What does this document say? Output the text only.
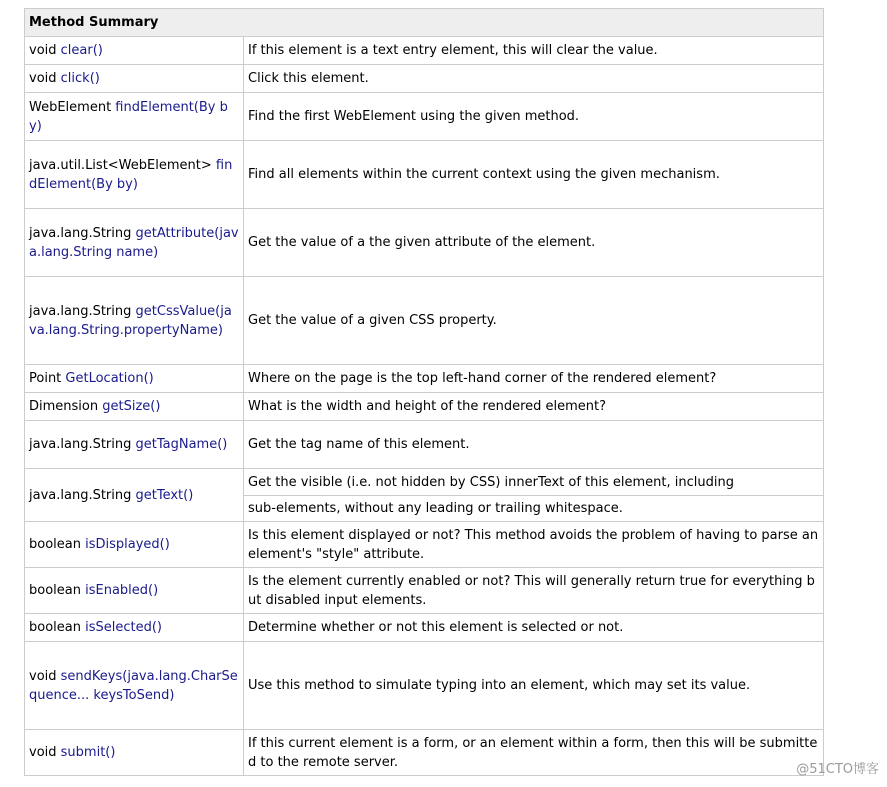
Method Summary	
void clear()	If this element is a text entry element, this will clear the value.
void click()	Click this element.
WebElement findElement(By by)	Find the first WebElement using the given method.
java.util.List<WebElement> findElement(By by)	Find all elements within the current context using the given mechanism.
java.lang.String getAttribute(java.lang.String name)	Get the value of a the given attribute of the element.
java.lang.String getCssValue(java.lang.String.propertyName)	Get the value of a given CSS property.
Point GetLocation()	Where on the page is the top left-hand corner of the rendered element?
Dimension getSize()	What is the width and height of the rendered element?
java.lang.String getTagName()	Get the tag name of this element.
java.lang.String getText()	Get the visible (i.e. not hidden by CSS) innerText of this element, including
	sub-elements, without any leading or trailing whitespace.
boolean isDisplayed()	Is this element displayed or not? This method avoids the problem of having to parse an element's "style" attribute.
boolean isEnabled()	Is the element currently enabled or not? This will generally return true for everything but disabled input elements.
boolean isSelected()	Determine whether or not this element is selected or not.
void sendKeys(java.lang.CharSequence... keysToSend)	Use this method to simulate typing into an element, which may set its value.
void submit()	If this current element is a form, or an element within a form, then this will be submitted to the remote server.	@51CTO博客
